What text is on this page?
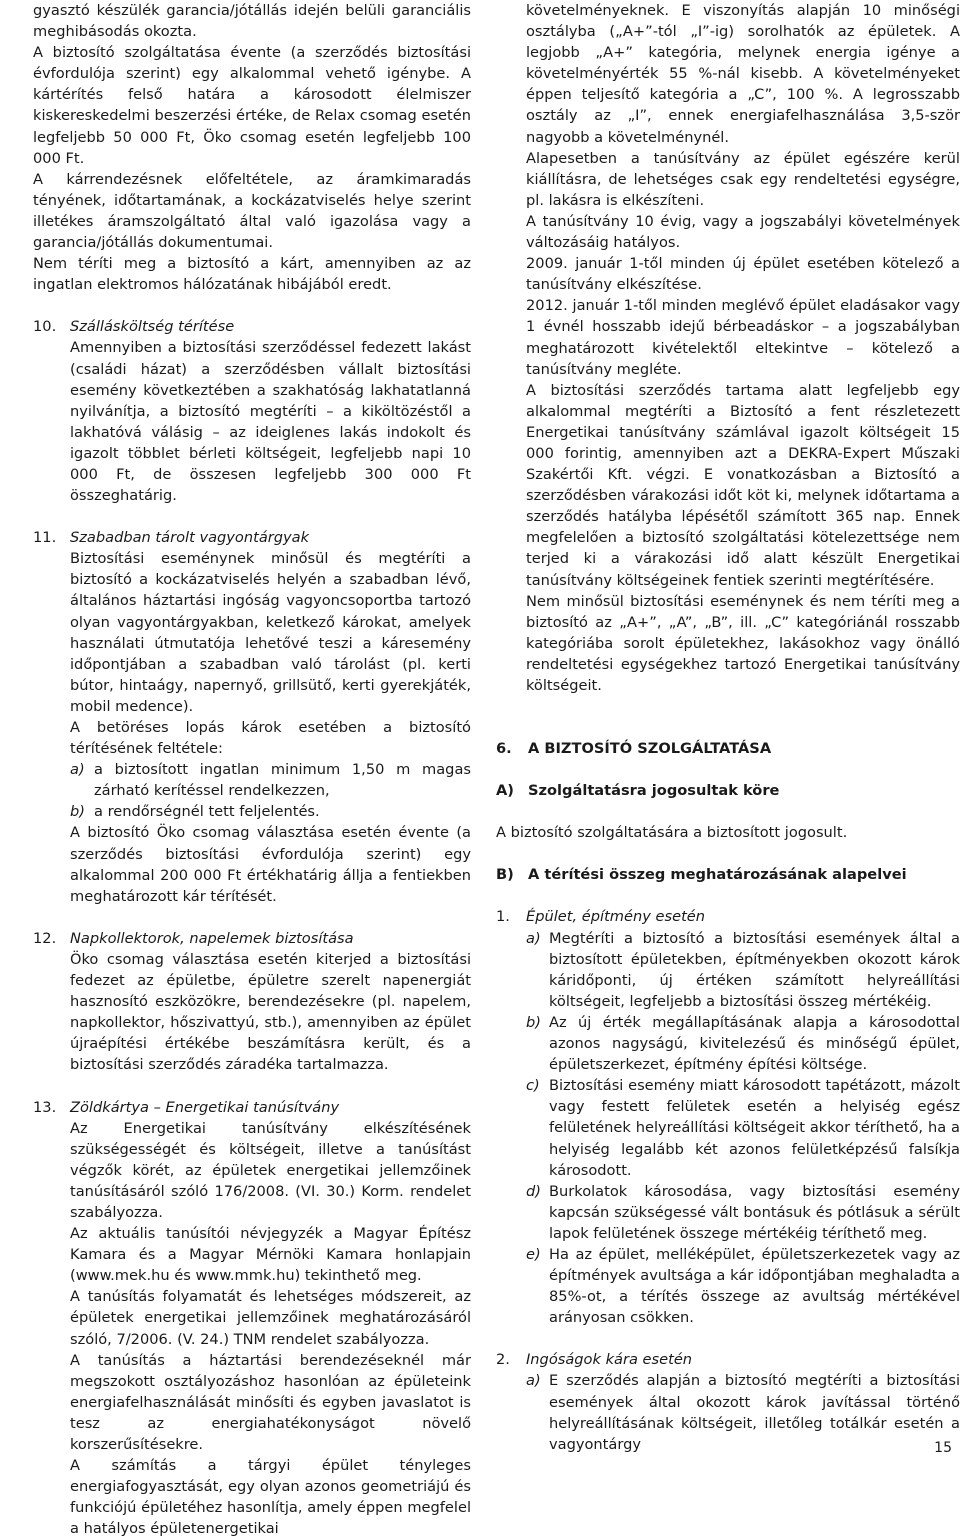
gyasztó készülék garancia/jótállás idején belüli garanciális meghibásodás okozta.

A biztosító szolgáltatása évente (a szerződés biztosítási évfordulója szerint) egy alkalommal vehető igénybe. A kártérítés felső határa a károsodott élelmiszer kiskereskedelmi beszerzési értéke, de Relax csomag esetén legfeljebb 50 000 Ft, Öko csomag esetén legfeljebb 100 000 Ft.

A kárrendezésnek előfeltétele, az áramkimaradás tényének, időtartamának, a kockázatviselés helye szerint illetékes áramszolgáltató által való igazolása vagy a garancia/jótállás dokumentumai.

Nem téríti meg a biztosító a kárt, amennyiben az az ingatlan elektromos hálózatának hibájából eredt.

10. Szállásköltség térítése

Amennyiben a biztosítási szerződéssel fedezett lakást (családi házat) a szerződésben vállalt biztosítási esemény következtében a szakhatóság lakhatatlanná nyilvánítja, a biztosító megtéríti – a kiköltözéstől a lakhatóvá válásig – az ideiglenes lakás indokolt és igazolt többlet bérleti költségeit, legfeljebb napi 10 000 Ft, de összesen legfeljebb 300 000 Ft összeghatárig.

11. Szabadban tárolt vagyontárgyak

Biztosítási eseménynek minősül és megtéríti a biztosító a kockázatviselés helyén a szabadban lévő, általános háztartási ingóság vagyoncsoportba tartozó olyan vagyontárgyakban, keletkező károkat, amelyek használati útmutatója lehetővé teszi a káresemény időpontjában a szabadban való tárolást (pl. kerti bútor, hintaágy, napernyő, grillsütő, kerti gyerekjáték, mobil medence).

A betöréses lopás károk esetében a biztosító térítésének feltétele:

a) a biztosított ingatlan minimum 1,50 m magas zárható kerítéssel rendelkezzen,
b) a rendőrségnél tett feljelentés.

A biztosító Öko csomag választása esetén évente (a szerződés biztosítási évfordulója szerint) egy alkalommal 200 000 Ft értékhatárig állja a fentiekben meghatározott kár térítését.

12. Napkollektorok, napelemek biztosítása

Öko csomag választása esetén kiterjed a biztosítási fedezet az épületbe, épületre szerelt napenergiát hasznosító eszközökre, berendezésekre (pl. napelem, napkollektor, hőszivattyú, stb.), amennyiben az épület újraépítési értékébe beszámításra került, és a biztosítási szerződés záradéka tartalmazza.

13. Zöldkártya – Energetikai tanúsítvány

Az Energetikai tanúsítvány elkészítésének szükségességét és költségeit, illetve a tanúsítást végzők körét, az épületek energetikai jellemzőinek tanúsításáról szóló 176/2008. (VI. 30.) Korm. rendelet szabályozza.

Az aktuális tanúsítói névjegyzék a Magyar Építész Kamara és a Magyar Mérnöki Kamara honlapjain (www.mek.hu és www.mmk.hu) tekinthető meg.

A tanúsítás folyamatát és lehetséges módszereit, az épületek energetikai jellemzőinek meghatározásáról szóló, 7/2006. (V. 24.) TNM rendelet szabályozza.

A tanúsítás a háztartási berendezéseknél már megszokott osztályozáshoz hasonlóan az épületeink energiafelhasználását minősíti és egyben javaslatot is tesz az energiahatékonyságot növelő korszerűsítésekre.

A számítás a tárgyi épület tényleges energiafogyasztását, egy olyan azonos geometriájú és funkciójú épületéhez hasonlítja, amely éppen megfelel a hatályos épületenergetikai

követelményeknek. E viszonyítás alapján 10 minőségi osztályba („A+”-tól „I”-ig) sorolhatók az épületek. A legjobb „A+” kategória, melynek energia igénye a követelményérték 55 %-nál kisebb. A követelményeket éppen teljesítő kategória a „C”, 100 %. A legrosszabb osztály az „I”, ennek energiafelhasználása 3,5-ször nagyobb a követelménynél.

Alapesetben a tanúsítvány az épület egészére kerül kiállításra, de lehetséges csak egy rendeltetési egységre, pl. lakásra is elkészíteni.

A tanúsítvány 10 évig, vagy a jogszabályi követelmények változásáig hatályos.

2009. január 1-től minden új épület esetében kötelező a tanúsítvány elkészítése.

2012. január 1-től minden meglévő épület eladásakor vagy 1 évnél hosszabb idejű bérbeadáskor – a jogszabályban meghatározott kivételektől eltekintve – kötelező a tanúsítvány megléte.

A biztosítási szerződés tartama alatt legfeljebb egy alkalommal megtéríti a Biztosító a fent részletezett Energetikai tanúsítvány számlával igazolt költségeit 15 000 forintig, amennyiben azt a DEKRA-Expert Műszaki Szakértői Kft. végzi. E vonatkozásban a Biztosító a szerződésben várakozási időt köt ki, melynek időtartama a szerződés hatályba lépésétől számított 365 nap. Ennek megfelelően a biztosító szolgáltatási kötelezettsége nem terjed ki a várakozási idő alatt készült Energetikai tanúsítvány költségeinek fentiek szerinti megtérítésére.

Nem minősül biztosítási eseménynek és nem téríti meg a biztosító az „A+”, „A”, „B”, ill. „C” kategóriánál rosszabb kategóriába sorolt épületekhez, lakásokhoz vagy önálló rendeltetési egységekhez tartozó Energetikai tanúsítvány költségeit.

6.	A BIZTOSÍTÓ SZOLGÁLTATÁSA
A) Szolgáltatásra jogosultak köre

A biztosító szolgáltatására a biztosított jogosult.

B) A térítési összeg meghatározásának alapelvei
1.	Épület, építmény esetén

a) Megtéríti a biztosító a biztosítási események által a biztosított épületekben, építményekben okozott károk káridőponti, új értéken számított helyreállítási költségeit, legfeljebb a biztosítási összeg mértékéig.

b) Az új érték megállapításának alapja a károsodottal azonos nagyságú, kivitelezésű és minőségű épület, épületszerkezet, építmény építési költsége.

c) Biztosítási esemény miatt károsodott tapétázott, mázolt vagy festett felületek esetén a helyiség egész felületének helyreállítási költségeit akkor téríthető, ha a helyiség legalább két azonos felületképzésű falsíkja károsodott.

d) Burkolatok károsodása, vagy biztosítási esemény kapcsán szükségessé vált bontásuk és pótlásuk a sérült lapok felületének összege mértékéig téríthető meg.

e) Ha az épület, melléképület, épületszerkezetek vagy az építmények avultsága a kár időpontjában meghaladta a 85%-ot, a térítés összege az avultság mértékével arányosan csökken.

2.	Ingóságok kára esetén

a) E szerződés alapján a biztosító megtéríti a biztosítási események által okozott károk javítással történő helyreállításának költségeit, illetőleg totálkár esetén a vagyontárgy	15
